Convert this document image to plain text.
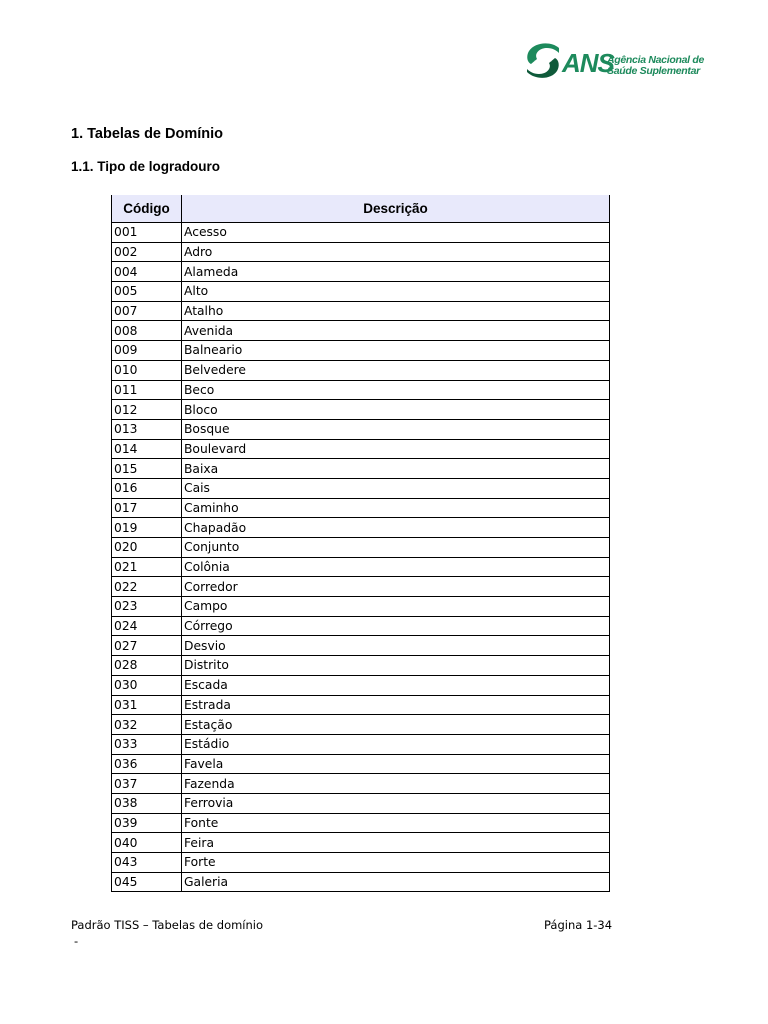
ANS
Agência Nacional de
Saúde Suplementar
1. Tabelas de Domínio
1.1. Tipo de logradouro
Código	Descrição
001	Acesso
002	Adro
004	Alameda
005	Alto
007	Atalho
008	Avenida
009	Balneario
010	Belvedere
011	Beco
012	Bloco
013	Bosque
014	Boulevard
015	Baixa
016	Cais
017	Caminho
019	Chapadão
020	Conjunto
021	Colônia
022	Corredor
023	Campo
024	Córrego
027	Desvio
028	Distrito
030	Escada
031	Estrada
032	Estação
033	Estádio
036	Favela
037	Fazenda
038	Ferrovia
039	Fonte
040	Feira
043	Forte
045	Galeria
Padrão TISS – Tabelas de domínio	Página 1-34
-
